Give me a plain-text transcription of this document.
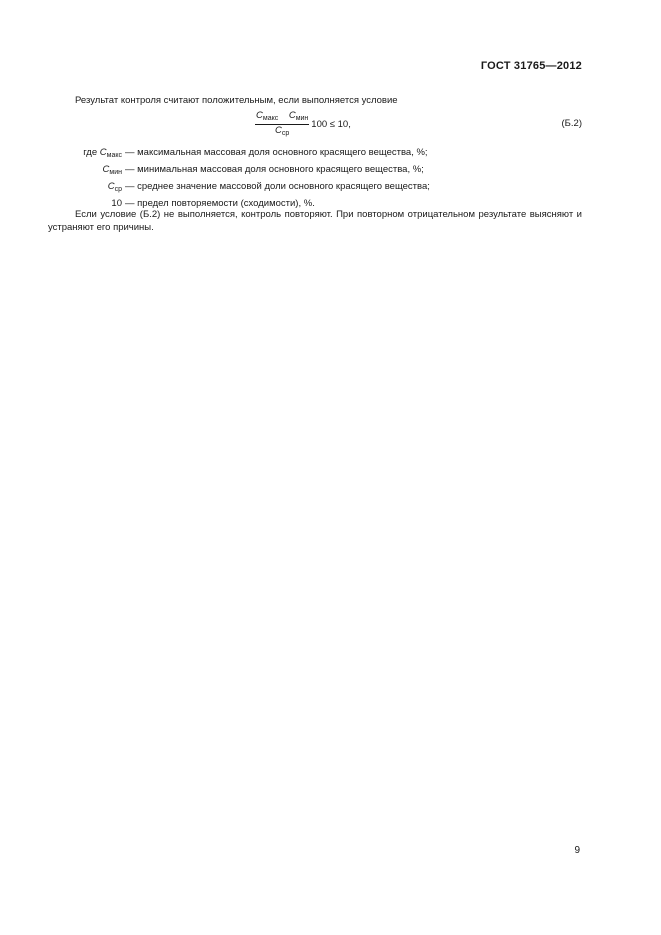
ГОСТ 31765—2012
Результат контроля считают положительным, если выполняется условие
$\frac{C_{макс} - C_{мин}}{C_{ср}} 100 \le 10$,	(Б.2)
где $C_{макс}$ — максимальная массовая доля основного красящего вещества, %;
$C_{мин}$ — минимальная массовая доля основного красящего вещества, %;
$C_{ср}$ — среднее значение массовой доли основного красящего вещества;
10 — предел повторяемости (сходимости), %.
Если условие (Б.2) не выполняется, контроль повторяют. При повторном отрицательном результате выясняют и устраняют его причины.
9
